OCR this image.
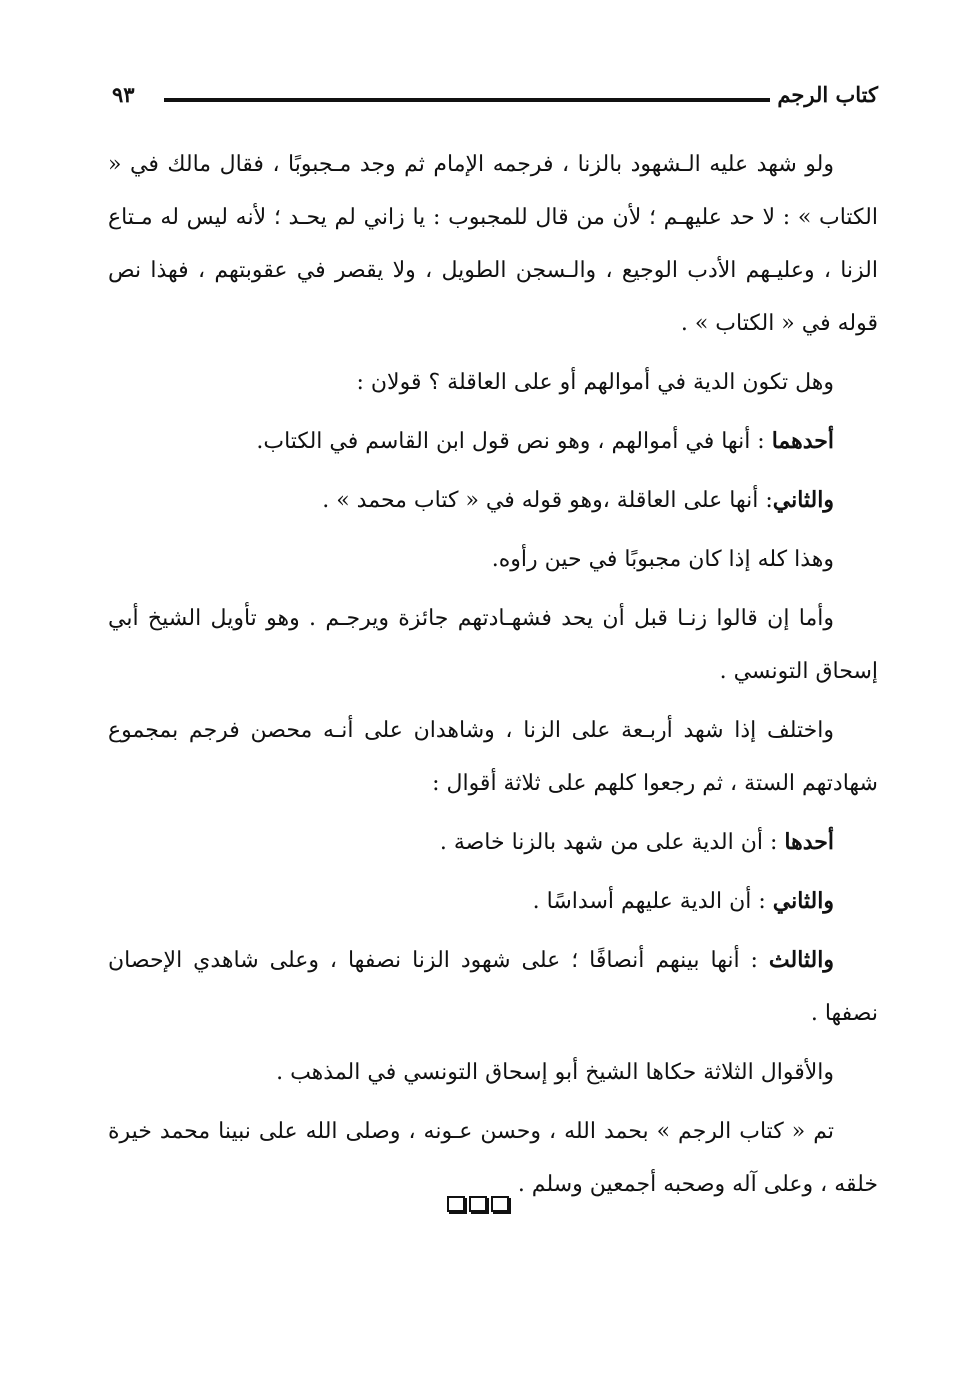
كتاب الرجم
٩٣

ولو شهد عليه الـشهود بالزنا ، فرجمه الإمام ثم وجد مـجبوبًا ، فقال مالك في « الكتاب » : لا حد عليهـم ؛ لأن من قال للمجبوب : يا زاني لم يحـد ؛ لأنه ليس له مـتاع الزنا ، وعليـهم الأدب الوجيع ، والـسجن الطويل ، ولا يقصر في عقوبتهم ، فهذا نص قوله في « الكتاب » .

وهل تكون الدية في أموالهم أو على العاقلة ؟ قولان :

أحدهما : أنها في أموالهم ، وهو نص قول ابن القاسم في الكتاب.

والثاني: أنها على العاقلة ،وهو قوله في « كتاب محمد » .

وهذا كله إذا كان مجبوبًا في حين رأوه.

وأما إن قالوا زنـا قبل أن يحد فشهـادتهم جائزة ويرجـم . وهو تأويل الشيخ أبي إسحاق التونسي .

واختلف إذا شهد أربـعة على الزنا ، وشاهدان على أنـه محصن فرجم بمجموع شهادتهم الستة ، ثم رجعوا كلهم على ثلاثة أقوال :

أحدها : أن الدية على من شهد بالزنا خاصة .

والثاني : أن الدية عليهم أسداسًا .

والثالث : أنها بينهم أنصافًا ؛ على شهود الزنا نصفها ، وعلى شاهدي الإحصان نصفها .

والأقوال الثلاثة حكاها الشيخ أبو إسحاق التونسي في المذهب .

تم « كتاب الرجم » بحمد الله ، وحسن عـونه ، وصلى الله على نبينا محمد خيرة خلقه ، وعلى آله وصحبه أجمعين وسلم .
